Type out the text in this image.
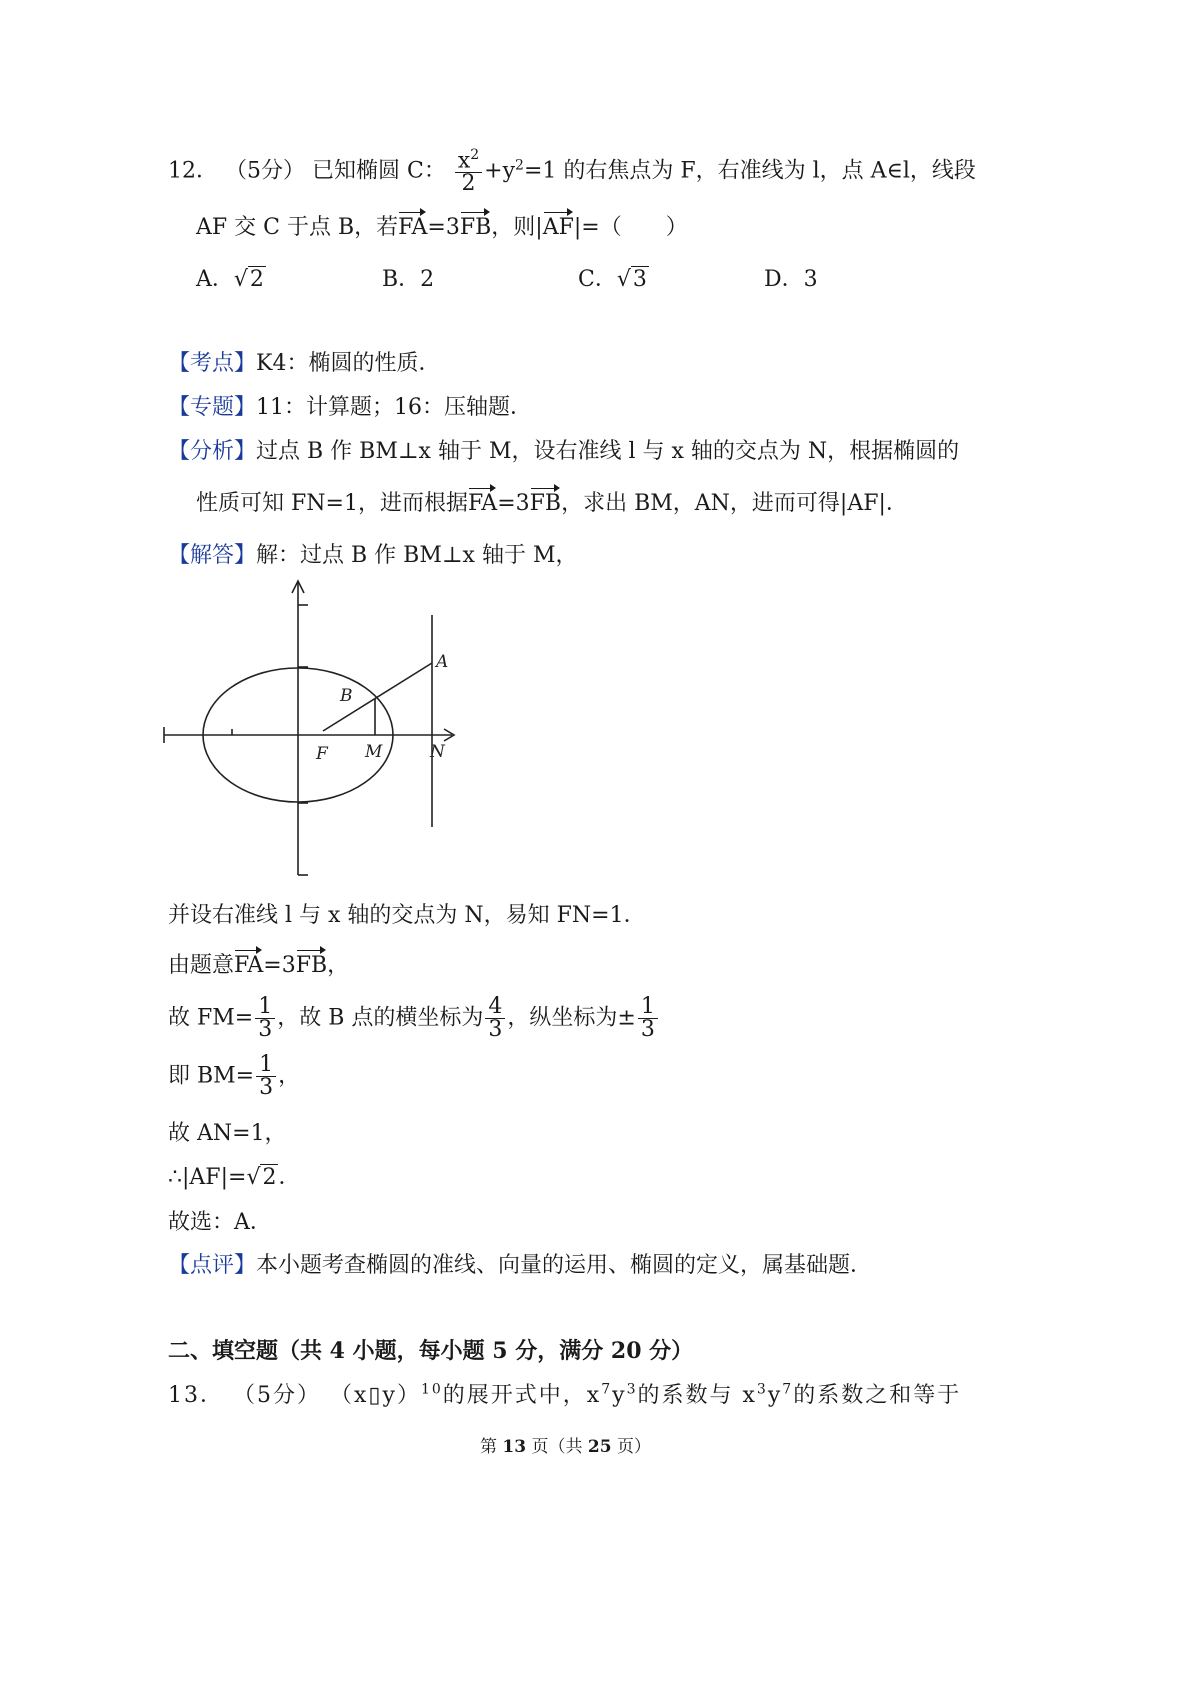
12． （5分） 已知椭圆 C： $\frac{x^2}{2} +y^2=1$ 的右焦点为 F，右准线为 l，点 A∈l，线段
AF 交 C 于点 B，若FA=3FB，则|AF|=（　　）
A．√2	B．2	C．√3	D．3
【考点】K4：椭圆的性质．
【专题】11：计算题；16：压轴题．
【分析】过点 B 作 BM⊥x 轴于 M，设右准线 l 与 x 轴的交点为 N，根据椭圆的
性质可知 FN=1，进而根据FA=3FB，求出 BM，AN，进而可得|AF|．
【解答】解：过点 B 作 BM⊥x 轴于 M，
A
B
F M	N
并设右准线 l 与 x 轴的交点为 N，易知 FN=1．
由题意FA=3FB，
故 $FM= \frac{1}{3}$ ，故 B 点的横坐标为 $\frac{4}{3}$ ，纵坐标为± $\frac{1}{3}$
即 $BM= \frac{1}{3}$ ，
故 AN=1，
∴|AF|=√2．
故选：A．
【点评】本小题考查椭圆的准线、向量的运用、椭圆的定义，属基础题．
二、填空题（共 4 小题，每小题 5 分，满分 20 分）
13． （5分） （x▯y）$^{10}$的展开式中，$x^7y^3$的系数与 $x^3y^7$的系数之和等于
第 13 页（共 25 页）
